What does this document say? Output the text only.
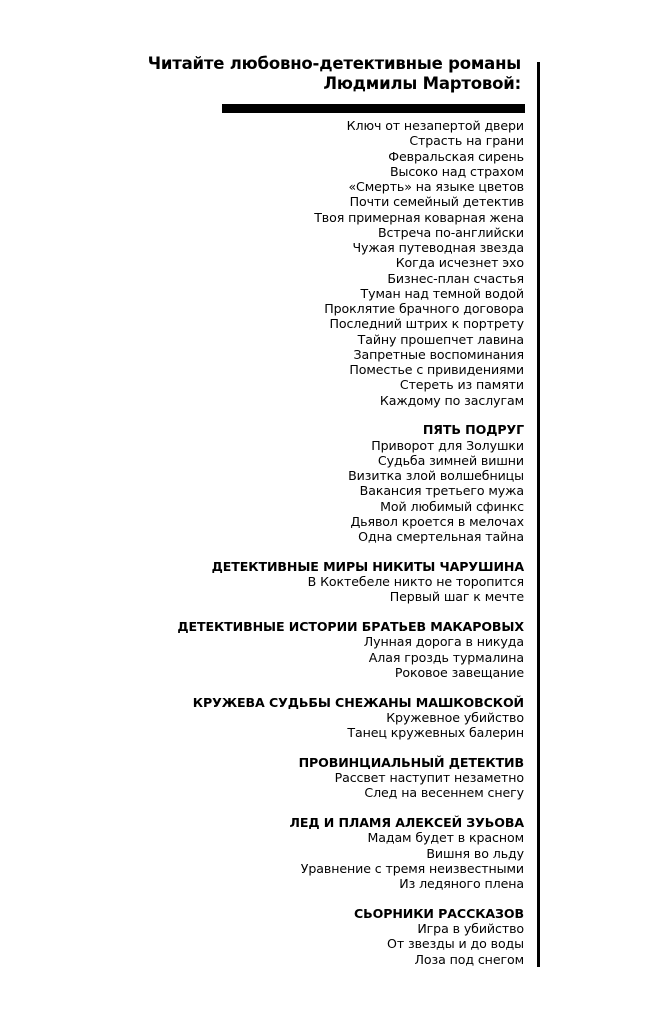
Читайте любовно-детективные романы
Людмилы Мартовой:
Ключ от незапертой двери
Страсть на грани
Февральская сирень
Высоко над страхом
«Смерть» на языке цветов
Почти семейный детектив
Твоя примерная коварная жена
Встреча по-английски
Чужая путеводная звезда
Когда исчезнет эхо
Бизнес-план счастья
Туман над темной водой
Проклятие брачного договора
Последний штрих к портрету
Тайну прошепчет лавина
Запретные воспоминания
Поместье с привидениями
Стереть из памяти
Каждому по заслугам
ПЯТЬ ПОДРУГ
Приворот для Золушки
Судьба зимней вишни
Визитка злой волшебницы
Вакансия третьего мужа
Мой любимый сфинкс
Дьявол кроется в мелочах
Одна смертельная тайна
ДЕТЕКТИВНЫЕ МИРЫ НИКИТЫ ЧАРУШИНА
В Коктебеле никто не торопится
Первый шаг к мечте
ДЕТЕКТИВНЫЕ ИСТОРИИ БРАТЬЕВ МАКАРОВЫХ
Лунная дорога в никуда
Алая гроздь турмалина
Роковое завещание
КРУЖЕВА СУДЬБЫ СНЕЖАНЫ МАШКОВСКОЙ
Кружевное убийство
Танец кружевных балерин
ПРОВИНЦИАЛЬНЫЙ ДЕТЕКТИВ
Рассвет наступит незаметно
След на весеннем снегу
ЛЕД И ПЛАМЯ АЛЕКСЕЙ ЗУЬОВА
Мадам будет в красном
Вишня во льду
Уравнение с тремя неизвестными
Из ледяного плена
СЬОРНИКИ РАССКАЗОВ
Игра в убийство
От звезды и до воды
Лоза под снегом
